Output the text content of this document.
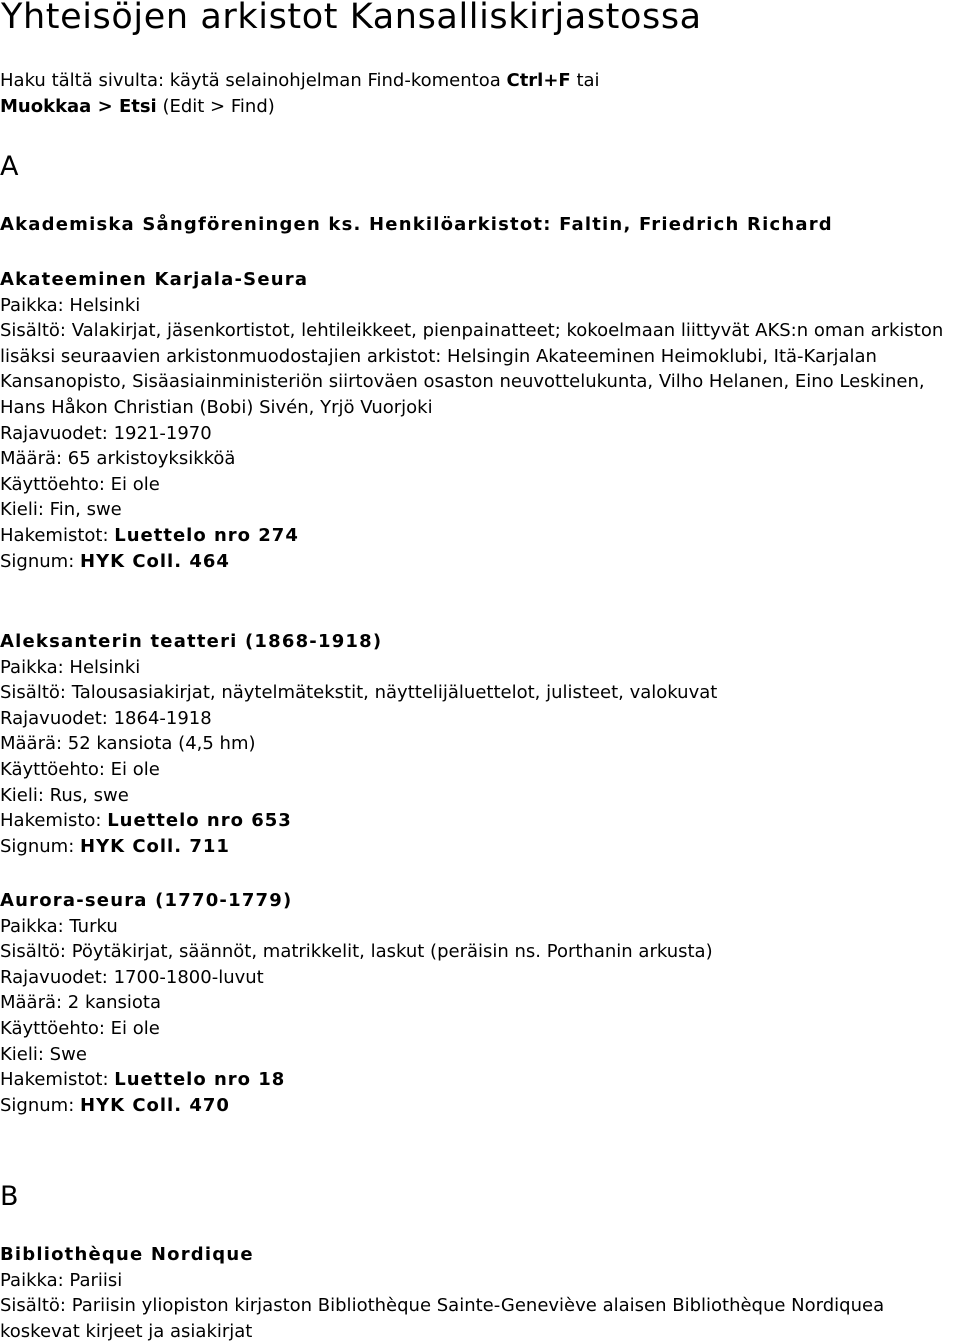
Yhteisöjen arkistot Kansalliskirjastossa
Haku tältä sivulta: käytä selainohjelman Find-komentoa Ctrl+F tai
Muokkaa > Etsi (Edit > Find)
A
Akademiska Sångföreningen ks. Henkilöarkistot: Faltin, Friedrich Richard
Akateeminen Karjala-Seura
Paikka: Helsinki
Sisältö: Valakirjat, jäsenkortistot, lehtileikkeet, pienpainatteet; kokoelmaan liittyvät AKS:n oman arkiston lisäksi seuraavien arkistonmuodostajien arkistot: Helsingin Akateeminen Heimoklubi, Itä-Karjalan Kansanopisto, Sisäasiainministeriön siirtoväen osaston neuvottelukunta, Vilho Helanen, Eino Leskinen, Hans Håkon Christian (Bobi) Sivén, Yrjö Vuorjoki
Rajavuodet: 1921-1970
Määrä: 65 arkistoyksikköä
Käyttöehto: Ei ole
Kieli: Fin, swe
Hakemistot: Luettelo nro 274
Signum: HYK Coll. 464
Aleksanterin teatteri (1868-1918)
Paikka: Helsinki
Sisältö: Talousasiakirjat, näytelmätekstit, näyttelijäluettelot, julisteet, valokuvat
Rajavuodet: 1864-1918
Määrä: 52 kansiota (4,5 hm)
Käyttöehto: Ei ole
Kieli: Rus, swe
Hakemisto: Luettelo nro 653
Signum: HYK Coll. 711
Aurora-seura (1770-1779)
Paikka: Turku
Sisältö: Pöytäkirjat, säännöt, matrikkelit, laskut (peräisin ns. Porthanin arkusta)
Rajavuodet: 1700-1800-luvut
Määrä: 2 kansiota
Käyttöehto: Ei ole
Kieli: Swe
Hakemistot: Luettelo nro 18
Signum: HYK Coll. 470
B
Bibliothèque Nordique
Paikka: Pariisi
Sisältö: Pariisin yliopiston kirjaston Bibliothèque Sainte-Geneviève alaisen Bibliothèque Nordiquea koskevat kirjeet ja asiakirjat
